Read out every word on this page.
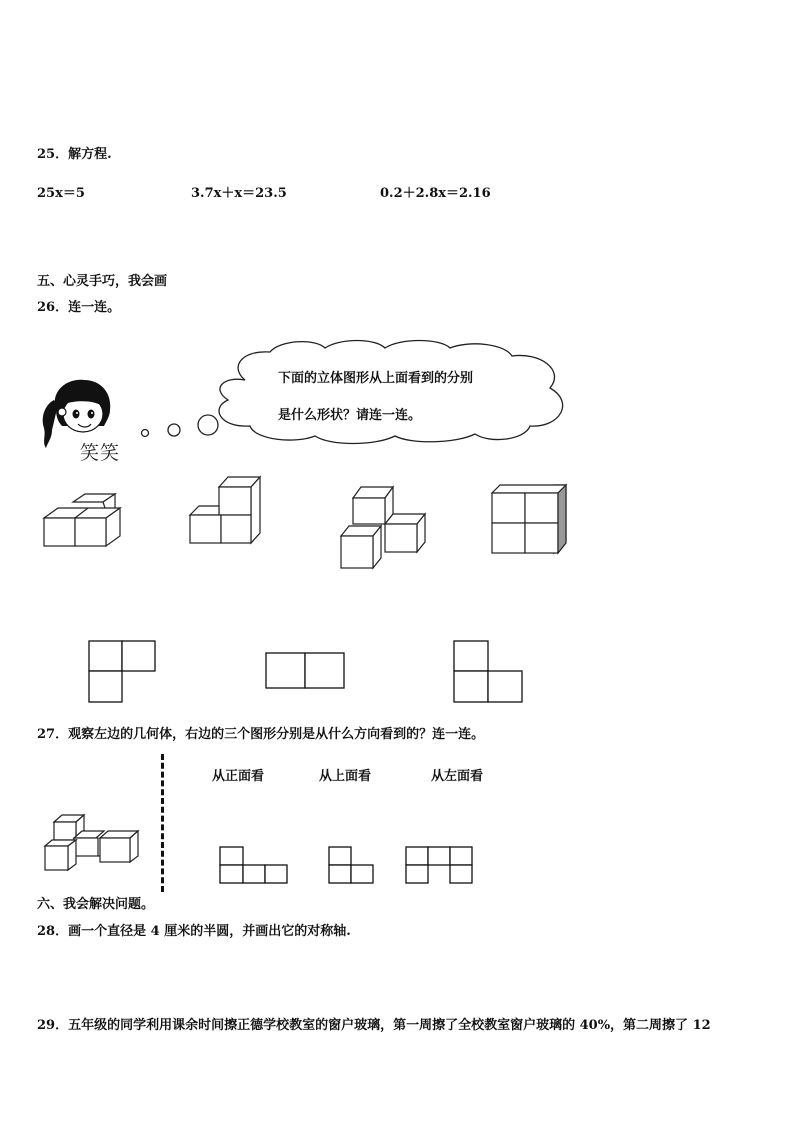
25．解方程.
25x＝5	3.7x＋x＝23.5	0.2＋2.8x＝2.16
五、心灵手巧，我会画
26．连一连。
下面的立体图形从上面看到的分别
是什么形状？请连一连。
笑笑
27．观察左边的几何体，右边的三个图形分别是从什么方向看到的？连一连。
从正面看	从上面看	从左面看
六、我会解决问题。
28．画一个直径是 4 厘米的半圆，并画出它的对称轴.
29．五年级的同学利用课余时间擦正德学校教室的窗户玻璃，第一周擦了全校教室窗户玻璃的 40%，第二周擦了 12
